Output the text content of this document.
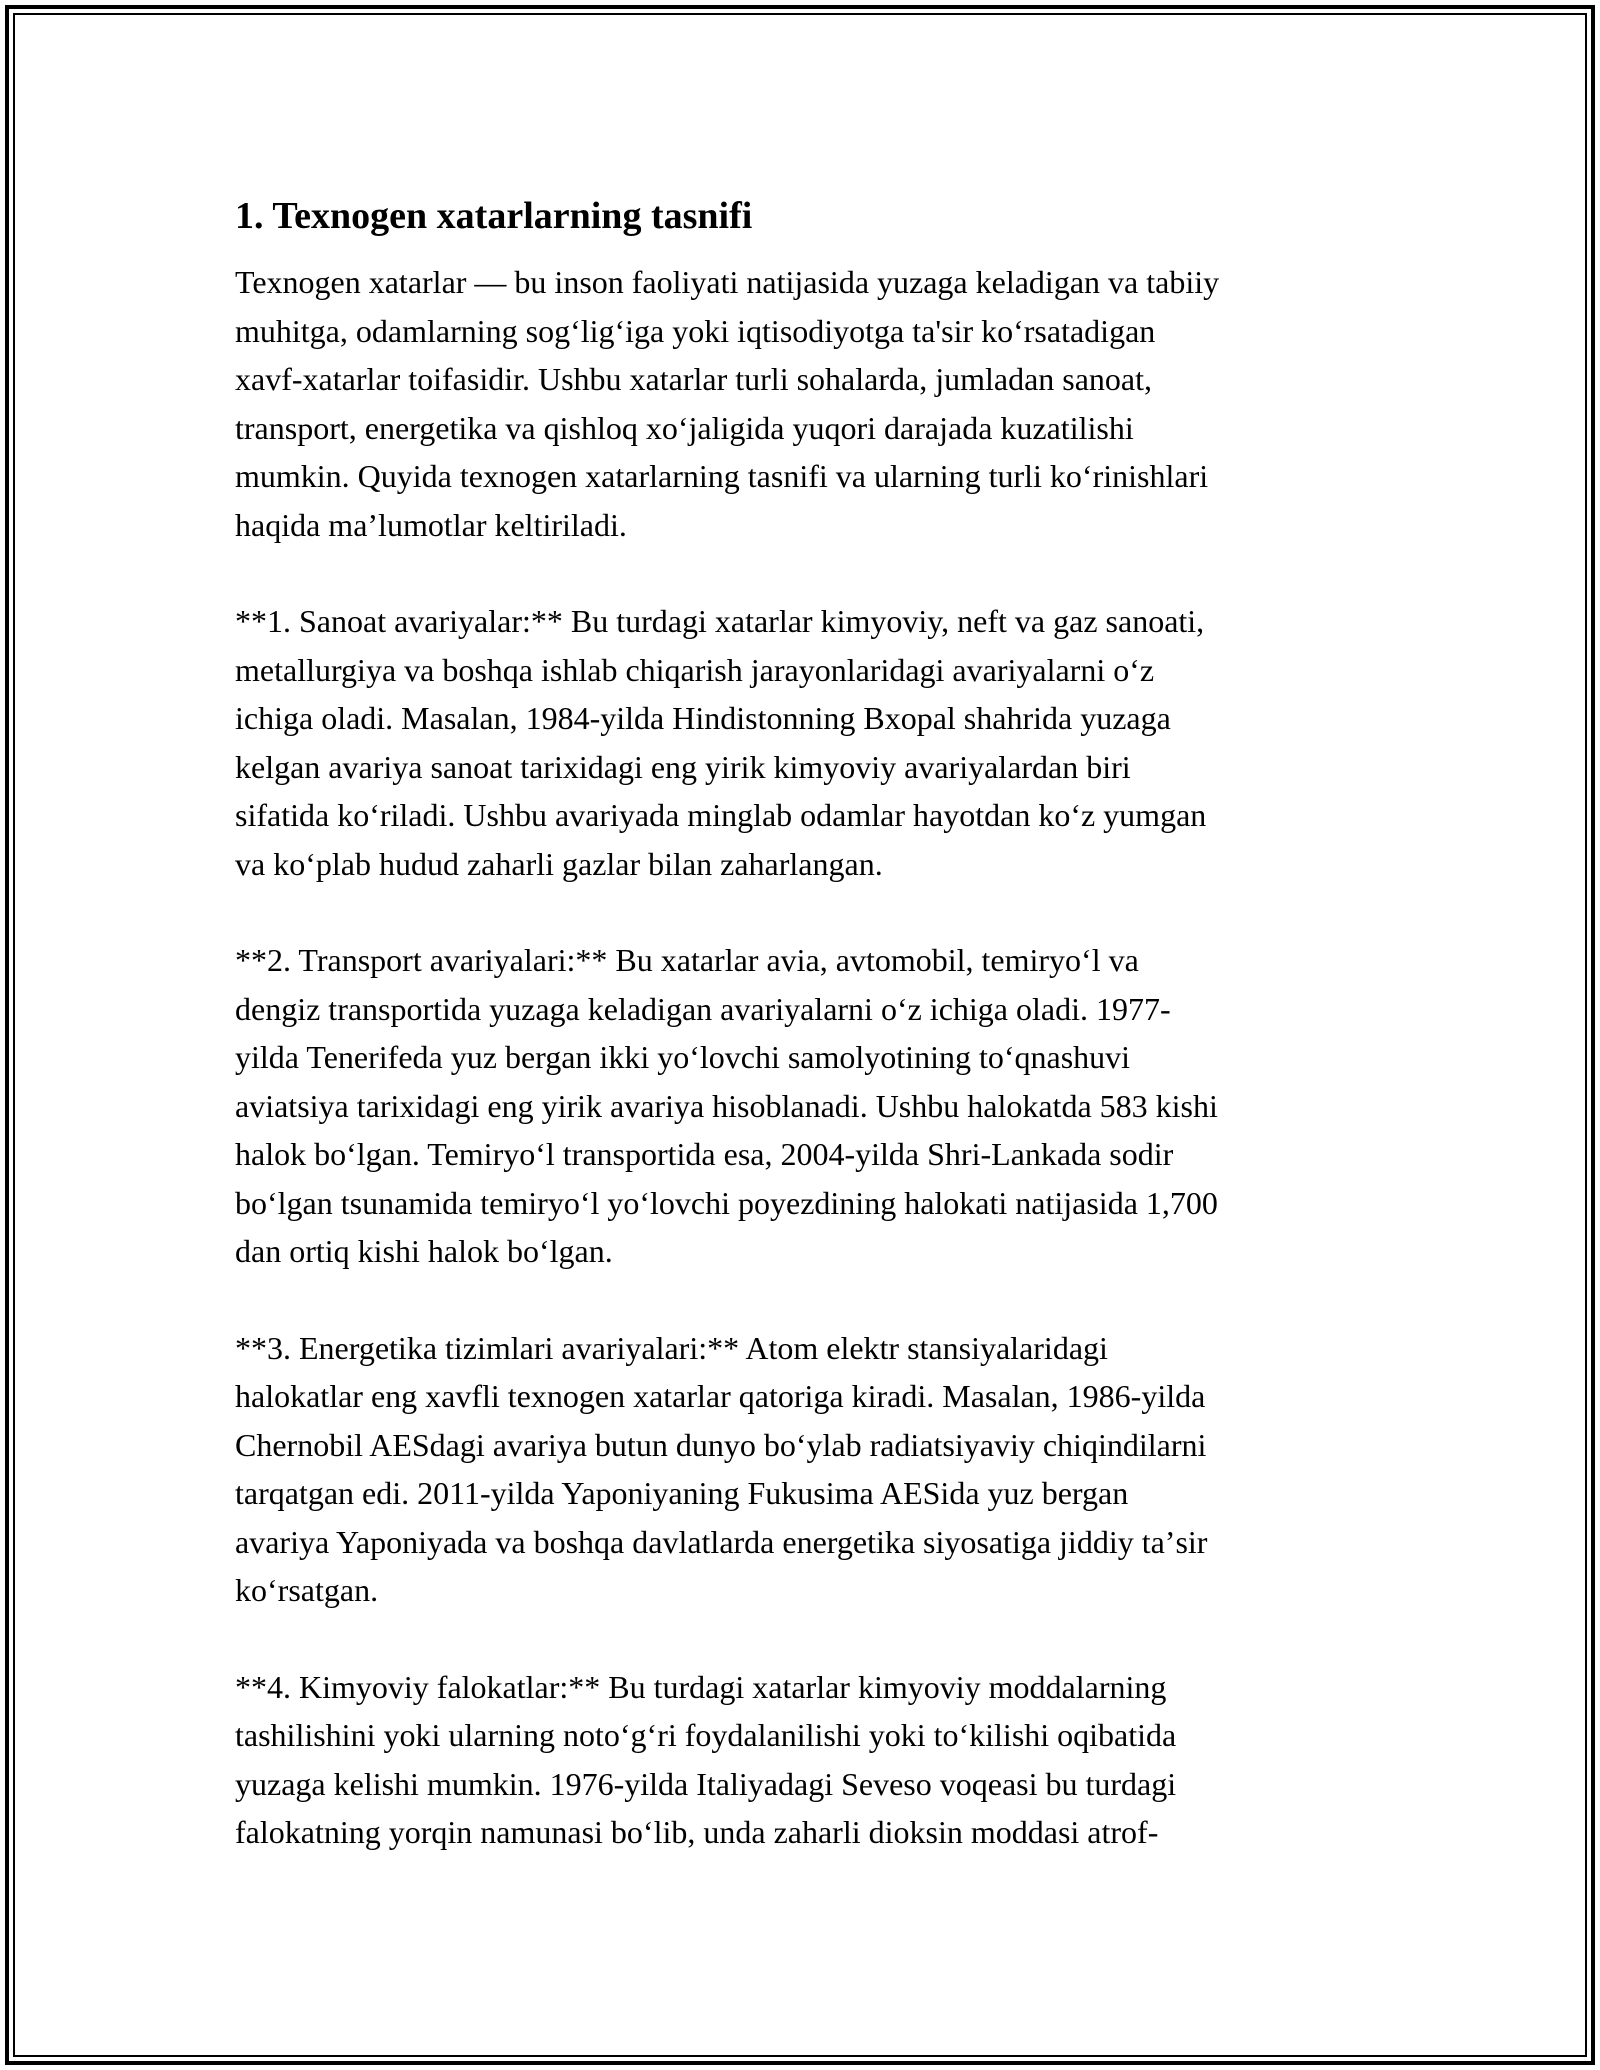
1. Texnogen xatarlarning tasnifi

Texnogen xatarlar — bu inson faoliyati natijasida yuzaga keladigan va tabiiy
muhitga, odamlarning sogʻligʻiga yoki iqtisodiyotga ta'sir koʻrsatadigan
xavf-xatarlar toifasidir. Ushbu xatarlar turli sohalarda, jumladan sanoat,
transport, energetika va qishloq xoʻjaligida yuqori darajada kuzatilishi
mumkin. Quyida texnogen xatarlarning tasnifi va ularning turli koʻrinishlari
haqida maʼlumotlar keltiriladi.

**1. Sanoat avariyalar:** Bu turdagi xatarlar kimyoviy, neft va gaz sanoati,
metallurgiya va boshqa ishlab chiqarish jarayonlaridagi avariyalarni oʻz
ichiga oladi. Masalan, 1984-yilda Hindistonning Bxopal shahrida yuzaga
kelgan avariya sanoat tarixidagi eng yirik kimyoviy avariyalardan biri
sifatida koʻriladi. Ushbu avariyada minglab odamlar hayotdan koʻz yumgan
va koʻplab hudud zaharli gazlar bilan zaharlangan.

**2. Transport avariyalari:** Bu xatarlar avia, avtomobil, temiryoʻl va
dengiz transportida yuzaga keladigan avariyalarni oʻz ichiga oladi. 1977-
yilda Tenerifeda yuz bergan ikki yoʻlovchi samolyotining toʻqnashuvi
aviatsiya tarixidagi eng yirik avariya hisoblanadi. Ushbu halokatda 583 kishi
halok boʻlgan. Temiryoʻl transportida esa, 2004-yilda Shri-Lankada sodir
boʻlgan tsunamida temiryoʻl yoʻlovchi poyezdining halokati natijasida 1,700
dan ortiq kishi halok boʻlgan.

**3. Energetika tizimlari avariyalari:** Atom elektr stansiyalaridagi
halokatlar eng xavfli texnogen xatarlar qatoriga kiradi. Masalan, 1986-yilda
Chernobil AESdagi avariya butun dunyo boʻylab radiatsiyaviy chiqindilarni
tarqatgan edi. 2011-yilda Yaponiyaning Fukusima AESida yuz bergan
avariya Yaponiyada va boshqa davlatlarda energetika siyosatiga jiddiy taʼsir
koʻrsatgan.

**4. Kimyoviy falokatlar:** Bu turdagi xatarlar kimyoviy moddalarning
tashilishini yoki ularning notoʻgʻri foydalanilishi yoki toʻkilishi oqibatida
yuzaga kelishi mumkin. 1976-yilda Italiyadagi Seveso voqeasi bu turdagi
falokatning yorqin namunasi boʻlib, unda zaharli dioksin moddasi atrof-
